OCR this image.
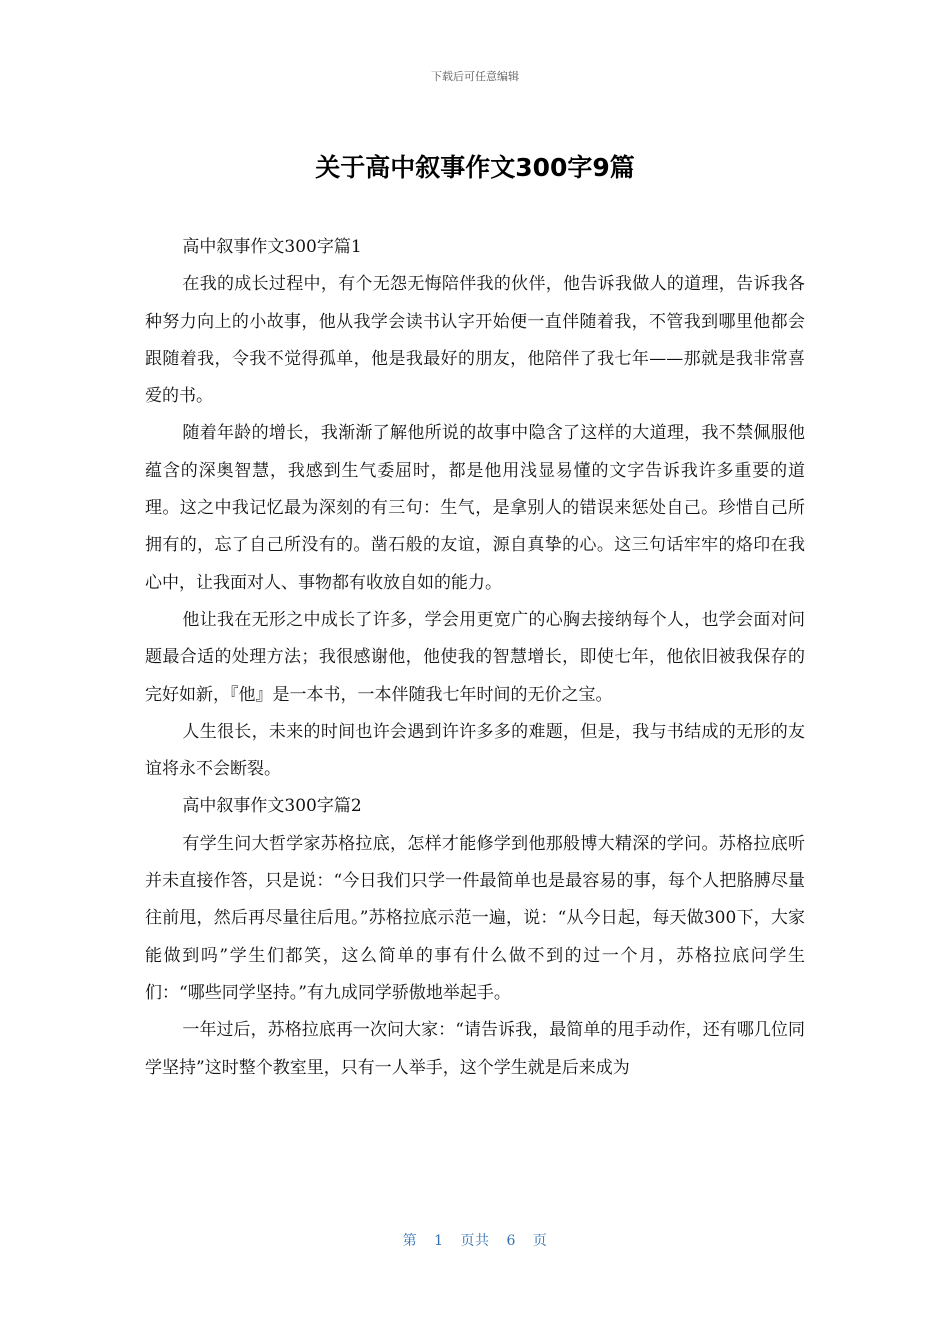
下载后可任意编辑
关于高中叙事作文300字9篇

高中叙事作文300字篇1

在我的成长过程中，有个无怨无悔陪伴我的伙伴，他告诉我做人的道理，告诉我各种努力向上的小故事，他从我学会读书认字开始便一直伴随着我，不管我到哪里他都会跟随着我，令我不觉得孤单，他是我最好的朋友，他陪伴了我七年——那就是我非常喜爱的书。

随着年龄的增长，我渐渐了解他所说的故事中隐含了这样的大道理，我不禁佩服他蕴含的深奥智慧，我感到生气委屈时，都是他用浅显易懂的文字告诉我许多重要的道理。这之中我记忆最为深刻的有三句：生气，是拿别人的错误来惩处自己。珍惜自己所拥有的，忘了自己所没有的。凿石般的友谊，源自真挚的心。这三句话牢牢的烙印在我心中，让我面对人、事物都有收放自如的能力。

他让我在无形之中成长了许多，学会用更宽广的心胸去接纳每个人，也学会面对问题最合适的处理方法；我很感谢他，他使我的智慧增长，即使七年，他依旧被我保存的完好如新，『他』是一本书，一本伴随我七年时间的无价之宝。

人生很长，未来的时间也许会遇到许许多多的难题，但是，我与书结成的无形的友谊将永不会断裂。

高中叙事作文300字篇2

有学生问大哲学家苏格拉底，怎样才能修学到他那般博大精深的学问。苏格拉底听并未直接作答，只是说：“今日我们只学一件最简单也是最容易的事，每个人把胳膊尽量往前甩，然后再尽量往后甩。”苏格拉底示范一遍，说：“从今日起，每天做300下，大家能做到吗”学生们都笑，这么简单的事有什么做不到的过一个月，苏格拉底问学生们：“哪些同学坚持。”有九成同学骄傲地举起手。

一年过后，苏格拉底再一次问大家：“请告诉我，最简单的甩手动作，还有哪几位同学坚持”这时整个教室里，只有一人举手，这个学生就是后来成为

第 1 页共 6 页
